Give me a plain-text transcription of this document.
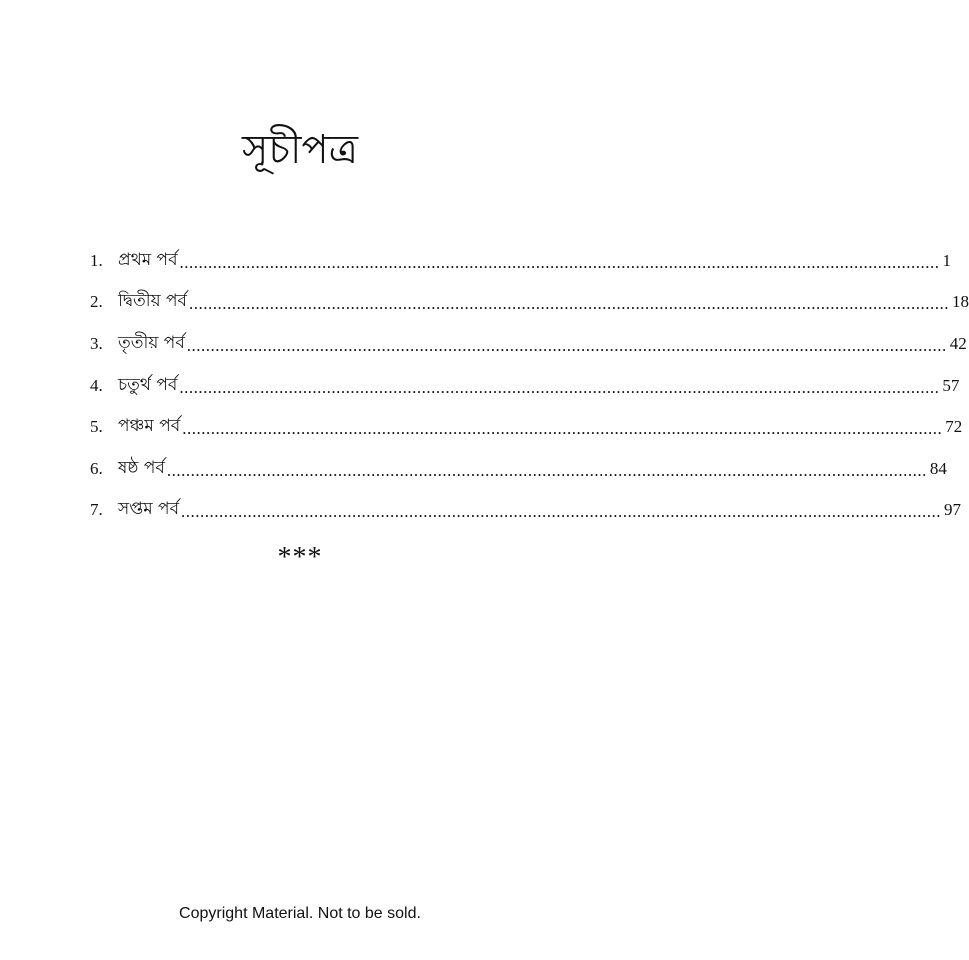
সূচীপত্র
1. প্রথম পর্ব ................................................................................................................................................................ 1
2. দ্বিতীয় পর্ব ................................................................................................................................................................ 18
3. তৃতীয় পর্ব ................................................................................................................................................................ 42
4. চতুর্থ পর্ব ................................................................................................................................................................ 57
5. পঞ্চম পর্ব ................................................................................................................................................................ 72
6. ষষ্ঠ পর্ব ................................................................................................................................................................ 84
7. সপ্তম পর্ব ................................................................................................................................................................ 97
***
Copyright Material. Not to be sold.
